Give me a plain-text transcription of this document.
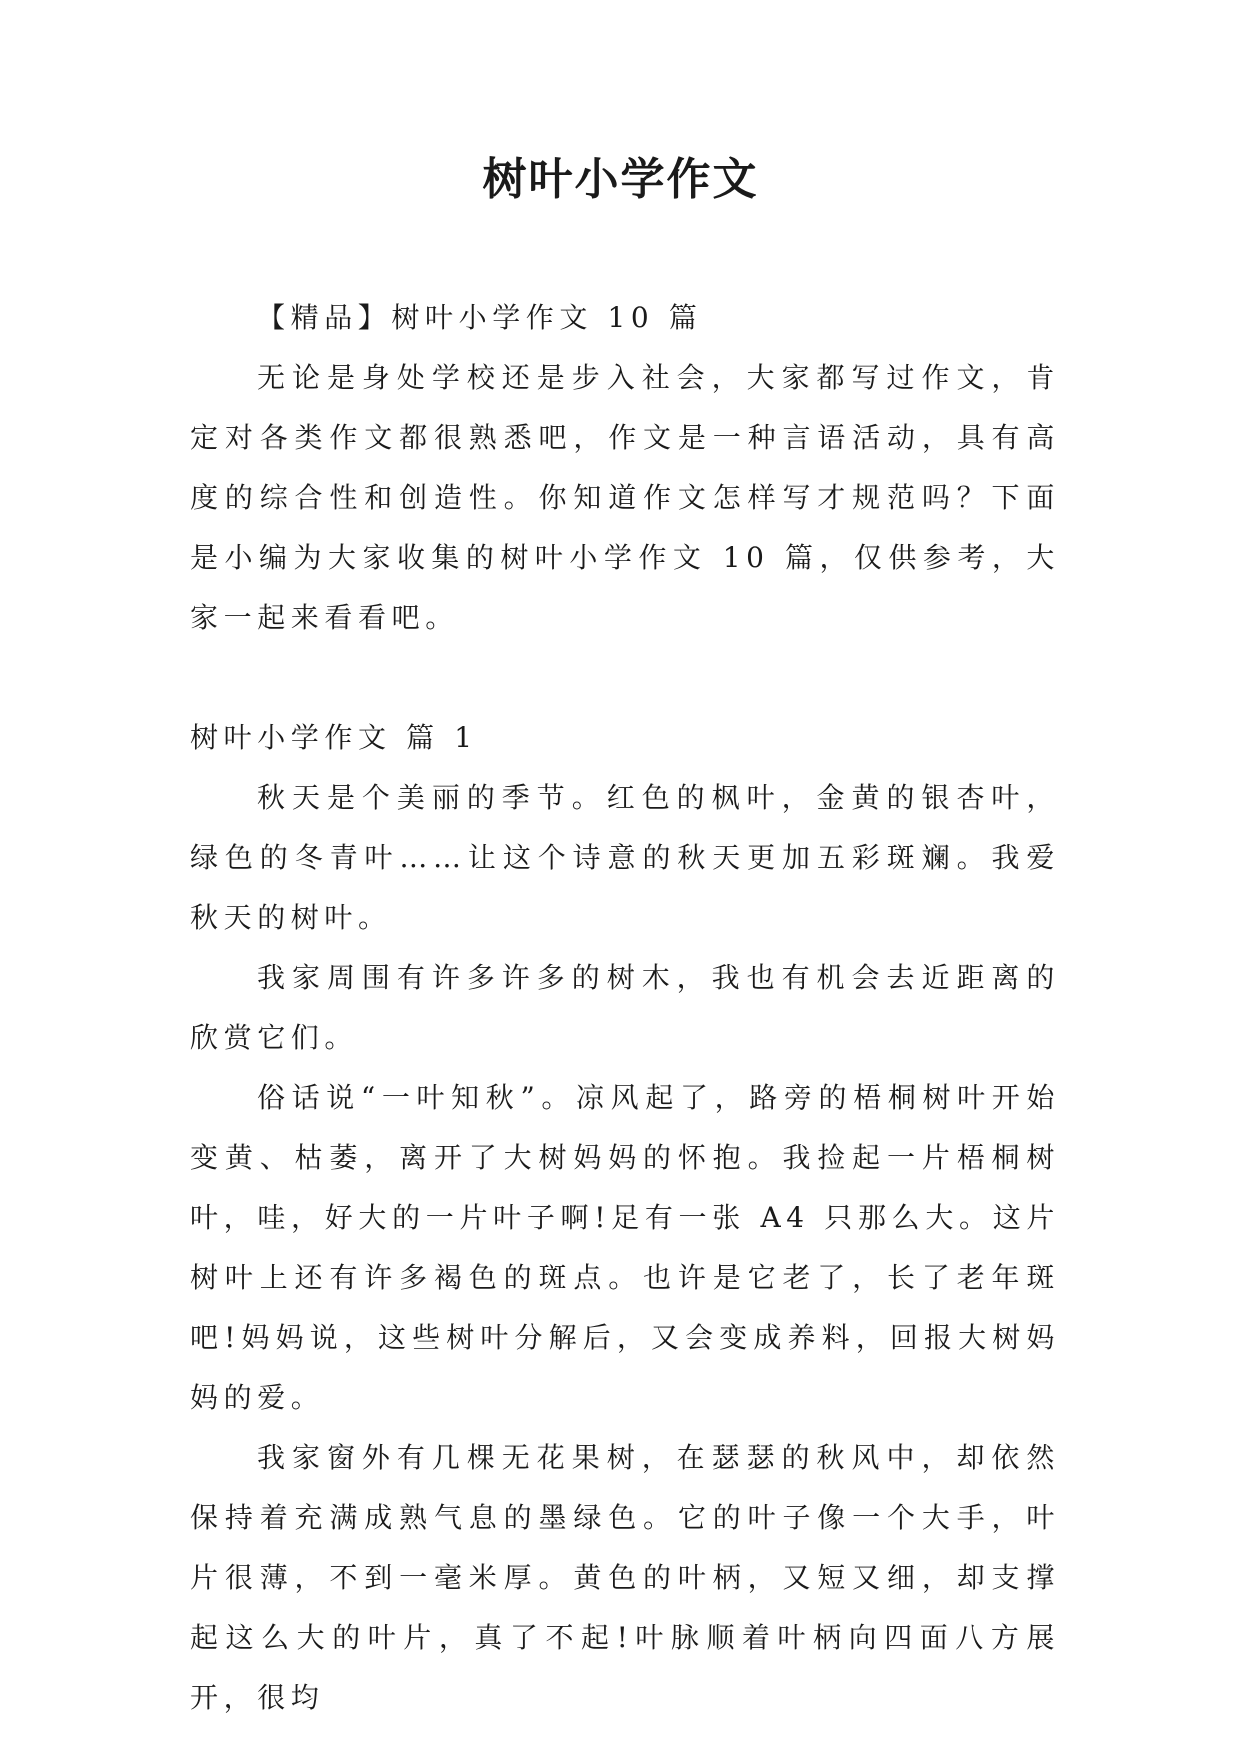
树叶小学作文

【精品】树叶小学作文 10 篇

无论是身处学校还是步入社会，大家都写过作文，肯定对各类作文都很熟悉吧，作文是一种言语活动，具有高度的综合性和创造性。你知道作文怎样写才规范吗？下面是小编为大家收集的树叶小学作文 10 篇，仅供参考，大家一起来看看吧。

树叶小学作文 篇 1

秋天是个美丽的季节。红色的枫叶，金黄的银杏叶，绿色的冬青叶……让这个诗意的秋天更加五彩斑斓。我爱秋天的树叶。

我家周围有许多许多的树木，我也有机会去近距离的欣赏它们。

俗话说“一叶知秋”。凉风起了，路旁的梧桐树叶开始变黄、枯萎，离开了大树妈妈的怀抱。我捡起一片梧桐树叶，哇，好大的一片叶子啊!足有一张 A4 只那么大。这片树叶上还有许多褐色的斑点。也许是它老了，长了老年斑吧!妈妈说，这些树叶分解后，又会变成养料，回报大树妈妈的爱。

我家窗外有几棵无花果树，在瑟瑟的秋风中，却依然保持着充满成熟气息的墨绿色。它的叶子像一个大手，叶片很薄，不到一毫米厚。黄色的叶柄，又短又细，却支撑起这么大的叶片，真了不起!叶脉顺着叶柄向四面八方展开，很均
